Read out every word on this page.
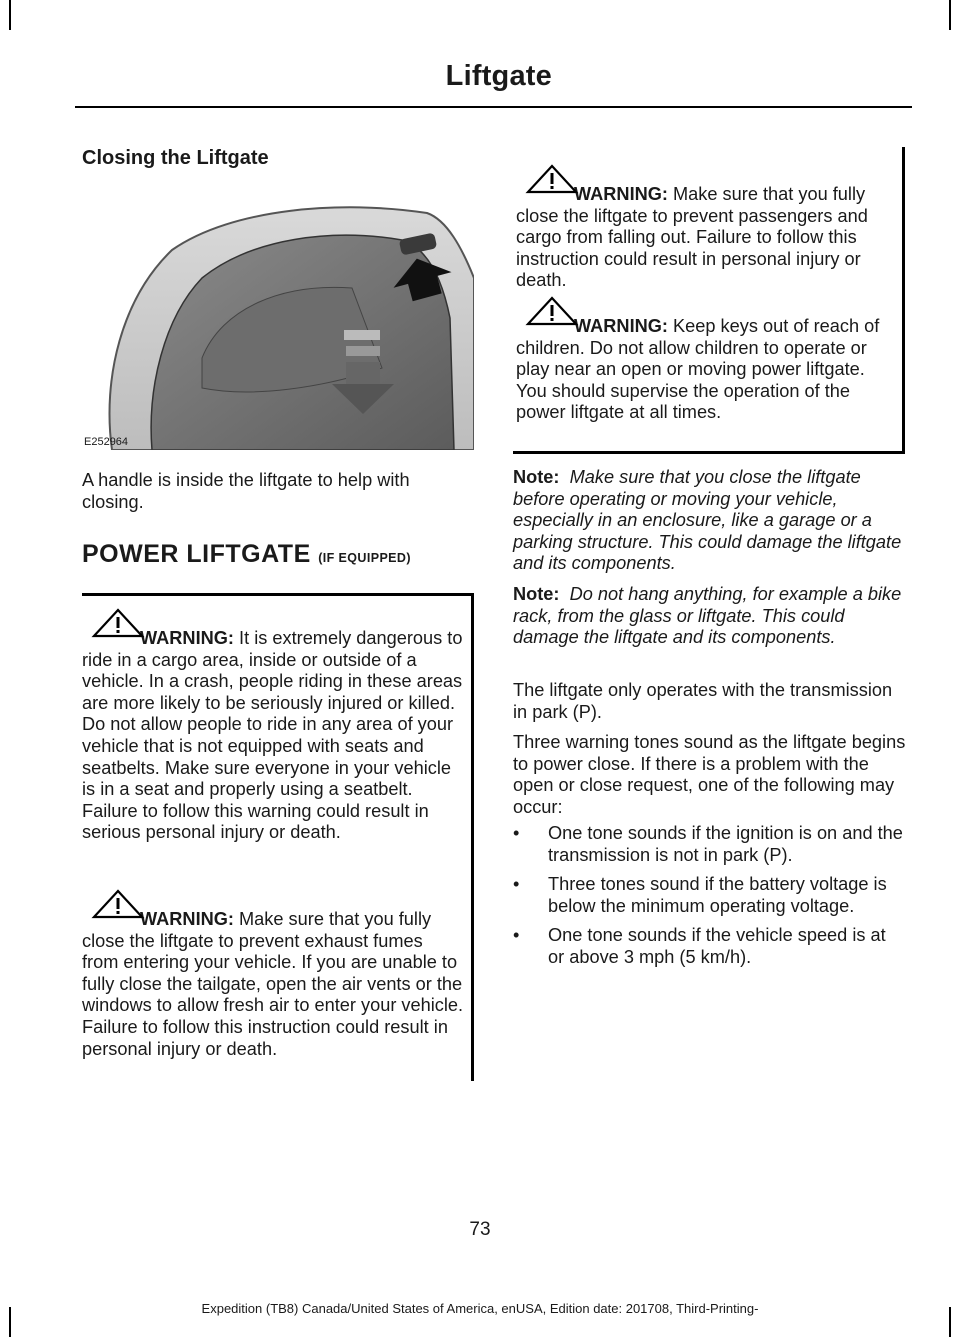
Liftgate
Closing the Liftgate
E252964
A handle is inside the liftgate to help with closing.
POWER LIFTGATE (IF EQUIPPED)
WARNING: It is extremely dangerous to ride in a cargo area, inside or outside of a vehicle. In a crash, people riding in these areas are more likely to be seriously injured or killed. Do not allow people to ride in any area of your vehicle that is not equipped with seats and seatbelts. Make sure everyone in your vehicle is in a seat and properly using a seatbelt. Failure to follow this warning could result in serious personal injury or death.
WARNING: Make sure that you fully close the liftgate to prevent exhaust fumes from entering your vehicle. If you are unable to fully close the tailgate, open the air vents or the windows to allow fresh air to enter your vehicle. Failure to follow this instruction could result in personal injury or death.
WARNING: Make sure that you fully close the liftgate to prevent passengers and cargo from falling out. Failure to follow this instruction could result in personal injury or death.
WARNING: Keep keys out of reach of children. Do not allow children to operate or play near an open or moving power liftgate. You should supervise the operation of the power liftgate at all times.
Note: Make sure that you close the liftgate before operating or moving your vehicle, especially in an enclosure, like a garage or a parking structure. This could damage the liftgate and its components.
Note: Do not hang anything, for example a bike rack, from the glass or liftgate. This could damage the liftgate and its components.
The liftgate only operates with the transmission in park (P).
Three warning tones sound as the liftgate begins to power close. If there is a problem with the open or close request, one of the following may occur:
• One tone sounds if the ignition is on and the transmission is not in park (P).
• Three tones sound if the battery voltage is below the minimum operating voltage.
• One tone sounds if the vehicle speed is at or above 3 mph (5 km/h).
73
Expedition (TB8) Canada/United States of America, enUSA, Edition date: 201708, Third-Printing-
